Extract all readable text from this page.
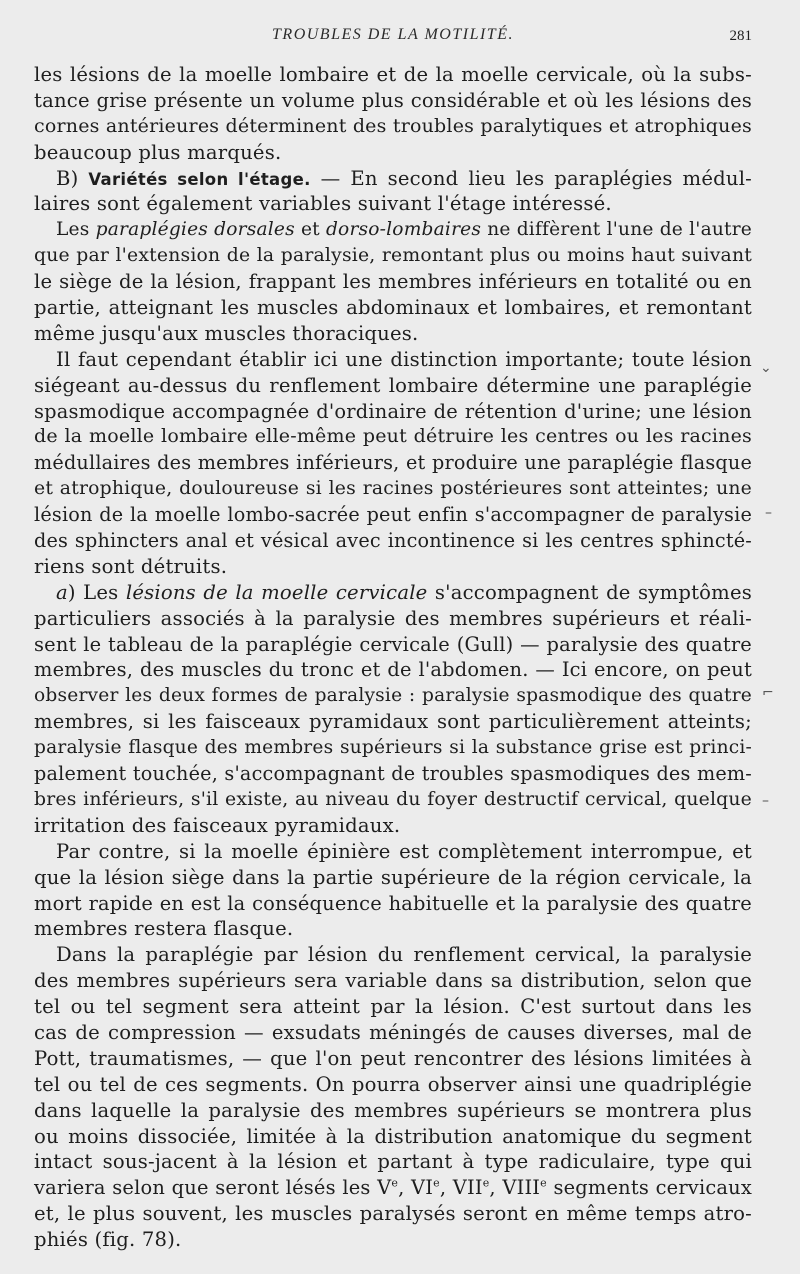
TROUBLES DE LA MOTILITÉ.	281
les lésions de la moelle lombaire et de la moelle cervicale, où la subs-
tance grise présente un volume plus considérable et où les lésions des
cornes antérieures déterminent des troubles paralytiques et atrophiques
beaucoup plus marqués.
B) Variétés selon l'étage. — En second lieu les paraplégies médul-
laires sont également variables suivant l'étage intéressé.
Les paraplégies dorsales et dorso-lombaires ne diffèrent l'une de l'autre
que par l'extension de la paralysie, remontant plus ou moins haut suivant
le siège de la lésion, frappant les membres inférieurs en totalité ou en
partie, atteignant les muscles abdominaux et lombaires, et remontant
même jusqu'aux muscles thoraciques.
Il faut cependant établir ici une distinction importante; toute lésion
siégeant au-dessus du renflement lombaire détermine une paraplégie
spasmodique accompagnée d'ordinaire de rétention d'urine; une lésion
de la moelle lombaire elle-même peut détruire les centres ou les racines
médullaires des membres inférieurs, et produire une paraplégie flasque
et atrophique, douloureuse si les racines postérieures sont atteintes; une
lésion de la moelle lombo-sacrée peut enfin s'accompagner de paralysie
des sphincters anal et vésical avec incontinence si les centres sphincté-
riens sont détruits.
a) Les lésions de la moelle cervicale s'accompagnent de symptômes
particuliers associés à la paralysie des membres supérieurs et réali-
sent le tableau de la paraplégie cervicale (Gull) — paralysie des quatre
membres, des muscles du tronc et de l'abdomen. — Ici encore, on peut
observer les deux formes de paralysie : paralysie spasmodique des quatre
membres, si les faisceaux pyramidaux sont particulièrement atteints;
paralysie flasque des membres supérieurs si la substance grise est princi-
palement touchée, s'accompagnant de troubles spasmodiques des mem-
bres inférieurs, s'il existe, au niveau du foyer destructif cervical, quelque
irritation des faisceaux pyramidaux.
Par contre, si la moelle épinière est complètement interrompue, et
que la lésion siège dans la partie supérieure de la région cervicale, la
mort rapide en est la conséquence habituelle et la paralysie des quatre
membres restera flasque.
Dans la paraplégie par lésion du renflement cervical, la paralysie
des membres supérieurs sera variable dans sa distribution, selon que
tel ou tel segment sera atteint par la lésion. C'est surtout dans les
cas de compression — exsudats méningés de causes diverses, mal de
Pott, traumatismes, — que l'on peut rencontrer des lésions limitées à
tel ou tel de ces segments. On pourra observer ainsi une quadriplégie
dans laquelle la paralysie des membres supérieurs se montrera plus
ou moins dissociée, limitée à la distribution anatomique du segment
intact sous-jacent à la lésion et partant à type radiculaire, type qui
variera selon que seront lésés les Ve, VIe, VIIe, VIIIe segments cervicaux
et, le plus souvent, les muscles paralysés seront en même temps atro-
phiés (fig. 78).
⌄
–
⌐
–
